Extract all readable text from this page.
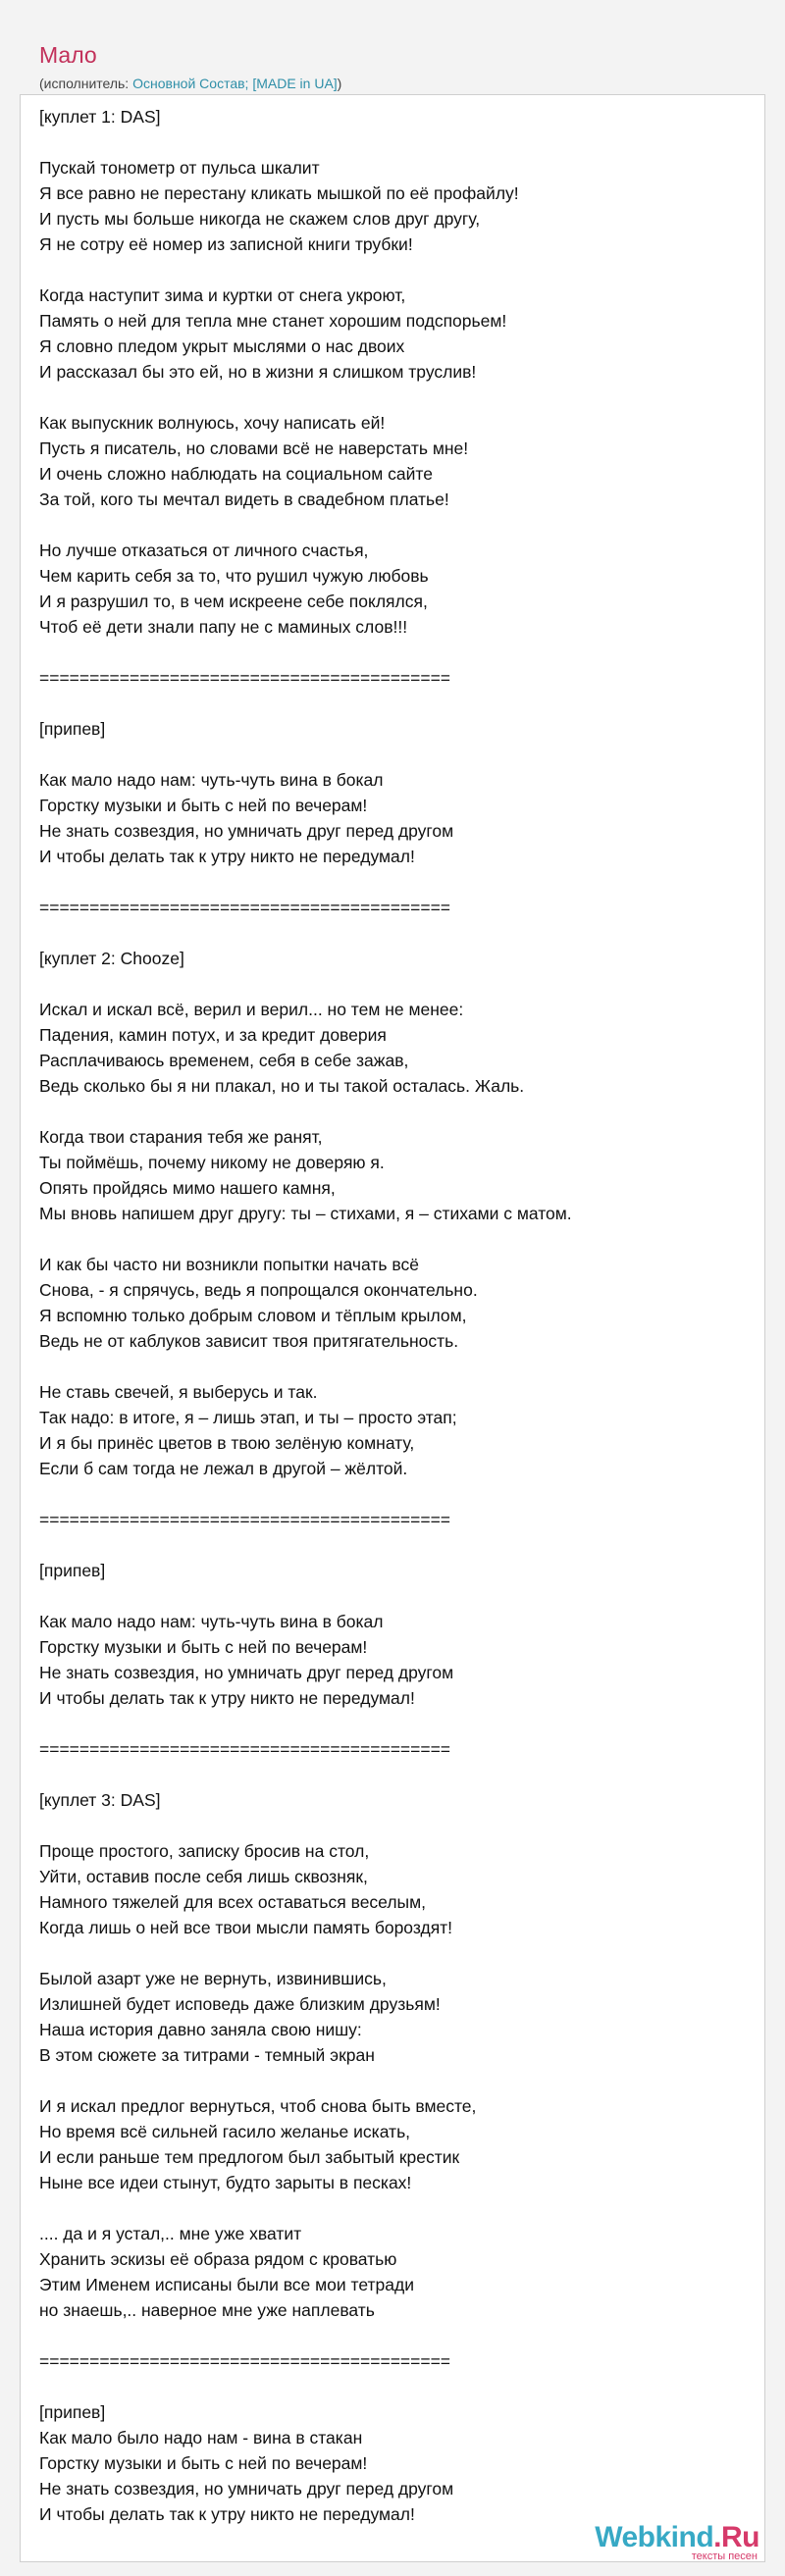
Мало
(исполнитель: Основной Состав; [MADE in UA])
[куплет 1: DAS]
Пускай тонометр от пульса шкалит
Я все равно не перестану кликать мышкой по её профайлу!
И пусть мы больше никогда не скажем слов друг другу,
Я не сотру её номер из записной книги трубки!
Когда наступит зима и куртки от снега укроют,
Память о ней для тепла мне станет хорошим подспорьем!
Я словно пледом укрыт мыслями о нас двоих
И рассказал бы это ей, но в жизни я слишком труслив!
Как выпускник волнуюсь, хочу написать ей!
Пусть я писатель, но словами всё не наверстать мне!
И очень сложно наблюдать на социальном сайте
За той, кого ты мечтал видеть в свадебном платье!
Но лучше отказаться от личного счастья,
Чем карить себя за то, что рушил чужую любовь
И я разрушил то, в чем искреене себе поклялся,
Чтоб её дети знали папу не с маминых слов!!!
=========================================
[припев]
Как мало надо нам: чуть-чуть вина в бокал
Горстку музыки и быть с ней по вечерам!
Не знать созвездия, но умничать друг перед другом
И чтобы делать так к утру никто не передумал!
=========================================
[куплет 2: Chooze]
Искал и искал всё, верил и верил... но тем не менее:
Падения, камин потух, и за кредит доверия
Расплачиваюсь временем, себя в себе зажав,
Ведь сколько бы я ни плакал, но и ты такой осталась. Жаль.
Когда твои старания тебя же ранят,
Ты поймёшь, почему никому не доверяю я.
Опять пройдясь мимо нашего камня,
Мы вновь напишем друг другу: ты – стихами, я – стихами с матом.
И как бы часто ни возникли попытки начать всё
Снова, - я спрячусь, ведь я попрощался окончательно.
Я вспомню только добрым словом и тёплым крылом,
Ведь не от каблуков зависит твоя притягательность.
Не ставь свечей, я выберусь и так.
Так надо: в итоге, я – лишь этап, и ты – просто этап;
И я бы принёс цветов в твою зелёную комнату,
Если б сам тогда не лежал в другой – жёлтой.
=========================================
[припев]
Как мало надо нам: чуть-чуть вина в бокал
Горстку музыки и быть с ней по вечерам!
Не знать созвездия, но умничать друг перед другом
И чтобы делать так к утру никто не передумал!
=========================================
[куплет 3: DAS]
Проще простого, записку бросив на стол,
Уйти, оставив после себя лишь сквозняк,
Намного тяжелей для всех оставаться веселым,
Когда лишь о ней все твои мысли память бороздят!
Былой азарт уже не вернуть, извинившись,
Излишней будет исповедь даже близким друзьям!
Наша история давно заняла свою нишу:
В этом сюжете за титрами - темный экран
И я искал предлог вернуться, чтоб снова быть вместе,
Но время всё сильней гасило желанье искать,
И если раньше тем предлогом был забытый крестик
Ныне все идеи стынут, будто зарыты в песках!
.... да и я устал,.. мне уже хватит
Хранить эскизы её образа рядом с кроватью
Этим Именем исписаны были все мои тетради
но знаешь,.. наверное мне уже наплевать
=========================================
[припев]
Как мало было надо нам - вина в стакан
Горстку музыки и быть с ней по вечерам!
Не знать созвездия, но умничать друг перед другом
И чтобы делать так к утру никто не передумал!
Webkind.Ru
тексты песен
